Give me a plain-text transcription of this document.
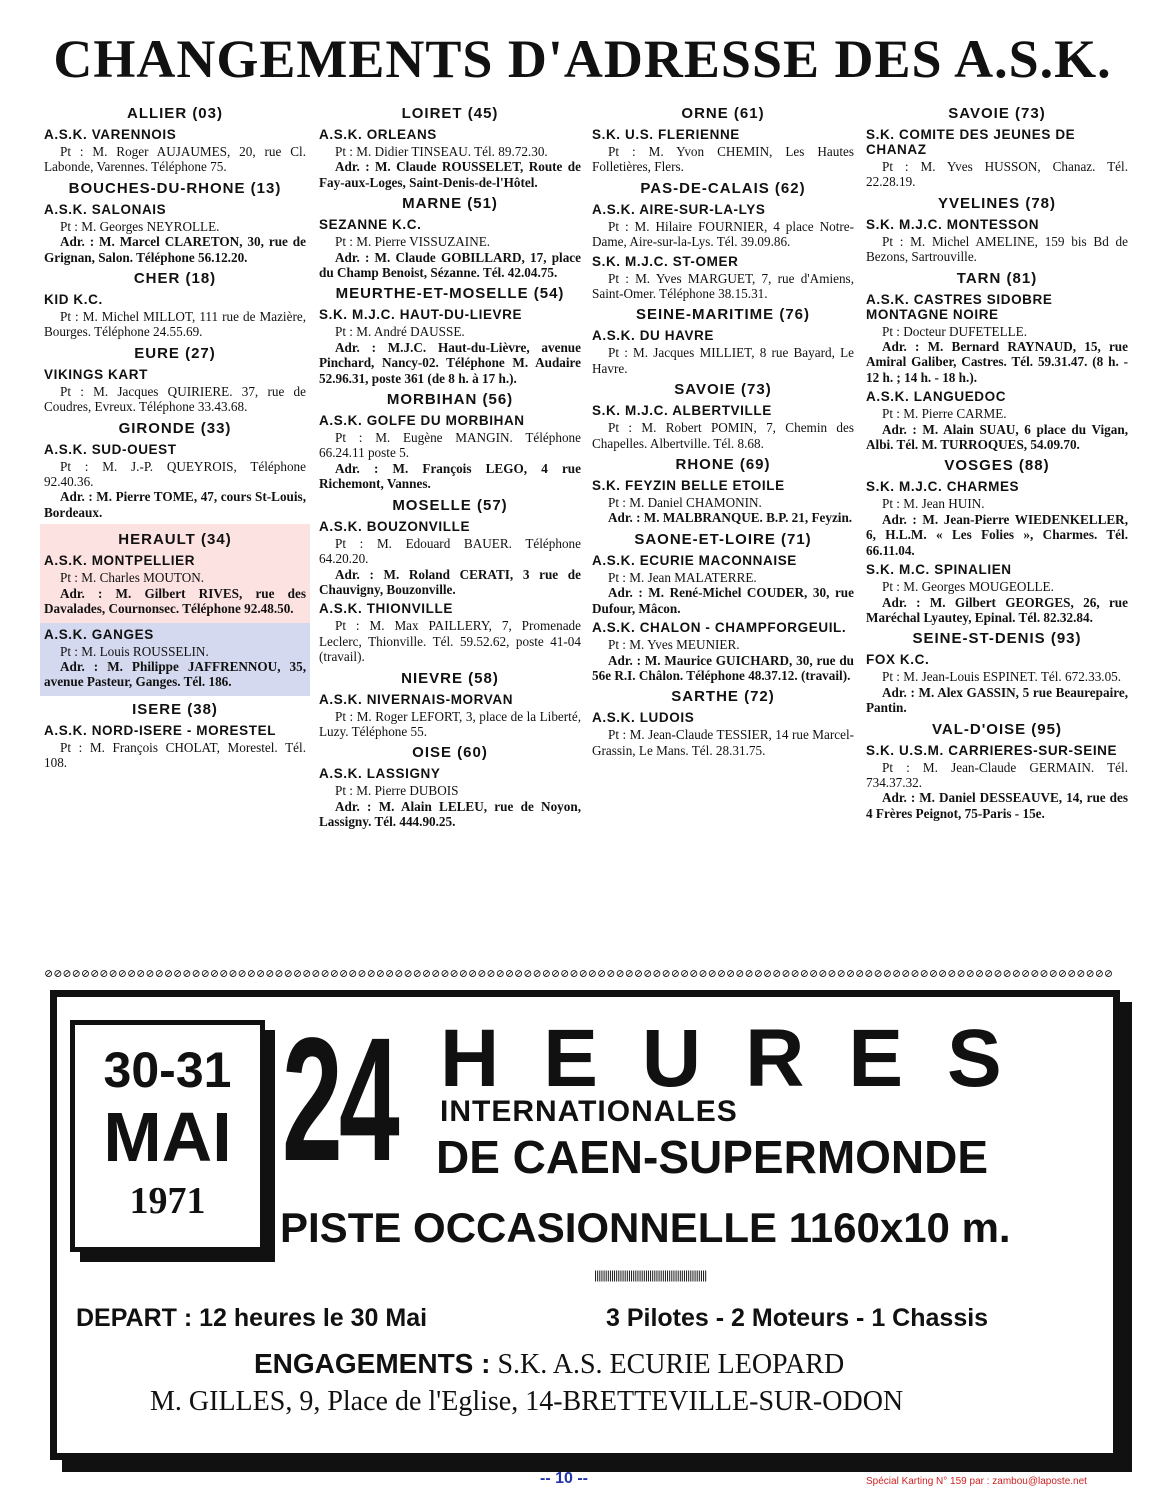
CHANGEMENTS D'ADRESSE DES A.S.K.
ALLIER (03)
A.S.K. VARENNOIS
Pt : M. Roger AUJAUMES, 20, rue Cl. Labonde, Varennes. Téléphone 75.
BOUCHES-DU-RHONE (13)
A.S.K. SALONAIS
Pt : M. Georges NEYROLLE.
Adr. : M. Marcel CLARETON, 30, rue de Grignan, Salon. Téléphone 56.12.20.
CHER (18)
KID K.C.
Pt : M. Michel MILLOT, 111 rue de Mazière, Bourges. Téléphone 24.55.69.
EURE (27)
VIKINGS KART
Pt : M. Jacques QUIRIERE. 37, rue de Coudres, Evreux. Téléphone 33.43.68.
GIRONDE (33)
A.S.K. SUD-OUEST
Pt : M. J.-P. QUEYROIS, Téléphone 92.40.36.
Adr. : M. Pierre TOME, 47, cours St-Louis, Bordeaux.
HERAULT (34)
A.S.K. MONTPELLIER
Pt : M. Charles MOUTON.
Adr. : M. Gilbert RIVES, rue des Davalades, Cournonsec. Téléphone 92.48.50.
A.S.K. GANGES
Pt : M. Louis ROUSSELIN.
Adr. : M. Philippe JAFFRENNOU, 35, avenue Pasteur, Ganges. Tél. 186.
ISERE (38)
A.S.K. NORD-ISERE - MORESTEL
Pt : M. François CHOLAT, Morestel. Tél. 108.
LOIRET (45)
A.S.K. ORLEANS
Pt : M. Didier TINSEAU. Tél. 89.72.30.
Adr. : M. Claude ROUSSELET, Route de Fay-aux-Loges, Saint-Denis-de-l'Hôtel.
MARNE (51)
SEZANNE K.C.
Pt : M. Pierre VISSUZAINE.
Adr. : M. Claude GOBILLARD, 17, place du Champ Benoist, Sézanne. Tél. 42.04.75.
MEURTHE-ET-MOSELLE (54)
S.K. M.J.C. HAUT-DU-LIEVRE
Pt : M. André DAUSSE.
Adr. : M.J.C. Haut-du-Lièvre, avenue Pinchard, Nancy-02. Téléphone M. Audaire 52.96.31, poste 361 (de 8 h. à 17 h.).
MORBIHAN (56)
A.S.K. GOLFE DU MORBIHAN
Pt : M. Eugène MANGIN. Téléphone 66.24.11 poste 5.
Adr. : M. François LEGO, 4 rue Richemont, Vannes.
MOSELLE (57)
A.S.K. BOUZONVILLE
Pt : M. Edouard BAUER. Téléphone 64.20.20.
Adr. : M. Roland CERATI, 3 rue de Chauvigny, Bouzonville.
A.S.K. THIONVILLE
Pt : M. Max PAILLERY, 7, Promenade Leclerc, Thionville. Tél. 59.52.62, poste 41-04 (travail).
NIEVRE (58)
A.S.K. NIVERNAIS-MORVAN
Pt : M. Roger LEFORT, 3, place de la Liberté, Luzy. Téléphone 55.
OISE (60)
A.S.K. LASSIGNY
Pt : M. Pierre DUBOIS
Adr. : M. Alain LELEU, rue de Noyon, Lassigny. Tél. 444.90.25.
ORNE (61)
S.K. U.S. FLERIENNE
Pt : M. Yvon CHEMIN, Les Hautes Folletières, Flers.
PAS-DE-CALAIS (62)
A.S.K. AIRE-SUR-LA-LYS
Pt : M. Hilaire FOURNIER, 4 place Notre-Dame, Aire-sur-la-Lys. Tél. 39.09.86.
S.K. M.J.C. ST-OMER
Pt : M. Yves MARGUET, 7, rue d'Amiens, Saint-Omer. Téléphone 38.15.31.
SEINE-MARITIME (76)
A.S.K. DU HAVRE
Pt : M. Jacques MILLIET, 8 rue Bayard, Le Havre.
SAVOIE (73)
S.K. M.J.C. ALBERTVILLE
Pt : M. Robert POMIN, 7, Chemin des Chapelles. Albertville. Tél. 8.68.
RHONE (69)
S.K. FEYZIN BELLE ETOILE
Pt : M. Daniel CHAMONIN.
Adr. : M. MALBRANQUE. B.P. 21, Feyzin.
SAONE-ET-LOIRE (71)
A.S.K. ECURIE MACONNAISE
Pt : M. Jean MALATERRE.
Adr. : M. René-Michel COUDER, 30, rue Dufour, Mâcon.
A.S.K. CHALON - CHAMPFORGEUIL.
Pt : M. Yves MEUNIER.
Adr. : M. Maurice GUICHARD, 30, rue du 56e R.I. Châlon. Téléphone 48.37.12. (travail).
SARTHE (72)
A.S.K. LUDOIS
Pt : M. Jean-Claude TESSIER, 14 rue Marcel-Grassin, Le Mans. Tél. 28.31.75.
SAVOIE (73)
S.K. COMITE DES JEUNES DE CHANAZ
Pt : M. Yves HUSSON, Chanaz. Tél. 22.28.19.
YVELINES (78)
S.K. M.J.C. MONTESSON
Pt : M. Michel AMELINE, 159 bis Bd de Bezons, Sartrouville.
TARN (81)
A.S.K. CASTRES SIDOBRE MONTAGNE NOIRE
Pt : Docteur DUFETELLE.
Adr. : M. Bernard RAYNAUD, 15, rue Amiral Galiber, Castres. Tél. 59.31.47. (8 h. - 12 h. ; 14 h. - 18 h.).
A.S.K. LANGUEDOC
Pt : M. Pierre CARME.
Adr. : M. Alain SUAU, 6 place du Vigan, Albi. Tél. M. TURROQUES, 54.09.70.
VOSGES (88)
S.K. M.J.C. CHARMES
Pt : M. Jean HUIN.
Adr. : M. Jean-Pierre WIEDENKELLER, 6, H.L.M. « Les Folies », Charmes. Tél. 66.11.04.
S.K. M.C. SPINALIEN
Pt : M. Georges MOUGEOLLE.
Adr. : M. Gilbert GEORGES, 26, rue Maréchal Lyautey, Epinal. Tél. 82.32.84.
SEINE-ST-DENIS (93)
FOX K.C.
Pt : M. Jean-Louis ESPINET. Tél. 672.33.05.
Adr. : M. Alex GASSIN, 5 rue Beaurepaire, Pantin.
VAL-D'OISE (95)
S.K. U.S.M. CARRIERES-SUR-SEINE
Pt : M. Jean-Claude GERMAIN. Tél. 734.37.32.
Adr. : M. Daniel DESSEAUVE, 14, rue des 4 Frères Peignot, 75-Paris - 15e.
⊘⊘⊘⊘⊘⊘⊘⊘⊘⊘⊘⊘⊘⊘⊘⊘⊘⊘⊘⊘⊘⊘⊘⊘⊘⊘⊘⊘⊘⊘⊘⊘⊘⊘⊘⊘⊘⊘⊘⊘⊘⊘⊘⊘⊘⊘⊘⊘⊘⊘⊘⊘⊘⊘⊘⊘⊘⊘⊘⊘⊘⊘⊘⊘⊘⊘⊘⊘⊘⊘⊘⊘⊘⊘⊘⊘⊘⊘⊘⊘⊘⊘⊘⊘⊘⊘⊘⊘⊘⊘⊘⊘⊘⊘⊘⊘⊘⊘⊘⊘⊘⊘⊘⊘⊘⊘⊘⊘⊘⊘⊘⊘⊘⊘⊘⊘
30-31
MAI
1971
24 HEURES
INTERNATIONALES
DE CAEN-SUPERMONDE
PISTE OCCASIONNELLE 1160x10 m.
|||||||||||||||||||||||||||||||||||||||||||||||||||||
DEPART : 12 heures le 30 Mai	3 Pilotes - 2 Moteurs - 1 Chassis
ENGAGEMENTS : S.K. A.S. ECURIE LEOPARD
M. GILLES, 9, Place de l'Eglise, 14-BRETTEVILLE-SUR-ODON
-- 10 --	Spécial Karting N° 159 par : zambou@laposte.net
